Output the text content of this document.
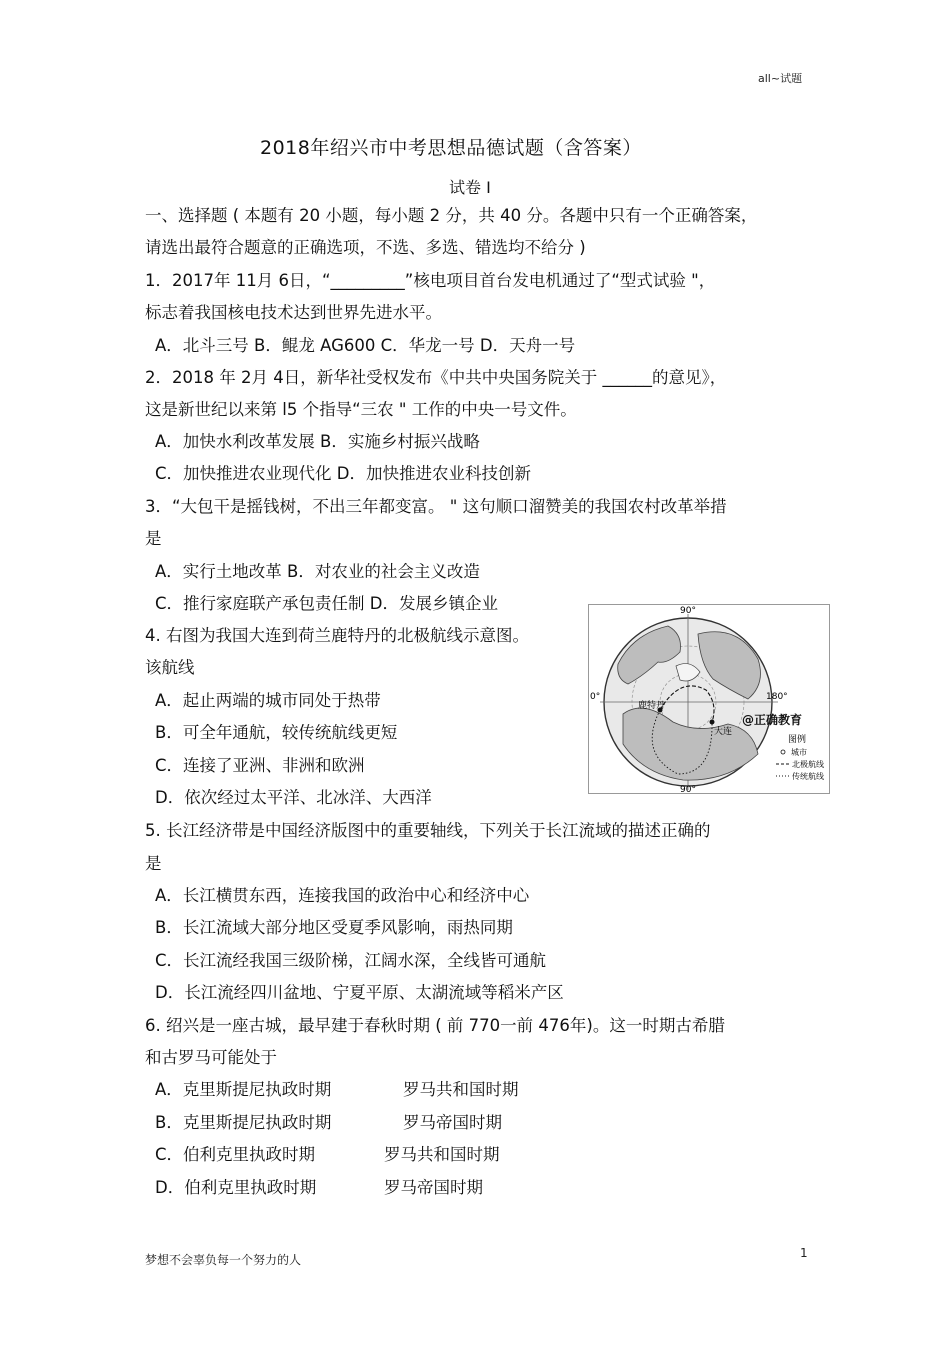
all~试题
2018年绍兴市中考思想品德试题（含答案）
试卷 I
一、选择题 ( 本题有 20 小题，每小题 2 分，共 40 分。各题中只有一个正确答案，
请选出最符合题意的正确选项，不选、多选、错选均不给分 )
1．2017年 11月 6日，“_________”核电项目首台发电机通过了“型式试验 "，
标志着我国核电技术达到世界先进水平。
A．北斗三号 B．鲲龙 AG600 C．华龙一号 D．天舟一号
2．2018 年 2月 4日，新华社受权发布《中共中央国务院关于 ______的意见》，
这是新世纪以来第 l5 个指导“三农 " 工作的中央一号文件。
A．加快水利改革发展 B．实施乡村振兴战略
C．加快推进农业现代化 D．加快推进农业科技创新
3．“大包干是摇钱树，不出三年都变富。 " 这句顺口溜赞美的我国农村改革举措
是
A．实行土地改革 B．对农业的社会主义改造
C．推行家庭联产承包责任制 D．发展乡镇企业
4. 右图为我国大连到荷兰鹿特丹的北极航线示意图。
该航线
A．起止两端的城市同处于热带
B．可全年通航，较传统航线更短
C．连接了亚洲、非洲和欧洲
D．依次经过太平洋、北冰洋、大西洋
90°
90°
0°	180°
鹿特丹
大连
@正确教育
图例
城市
北极航线
传统航线
5. 长江经济带是中国经济版图中的重要轴线，下列关于长江流域的描述正确的
是
A．长江横贯东西，连接我国的政治中心和经济中心
B．长江流域大部分地区受夏季风影响，雨热同期
C．长江流经我国三级阶梯，江阔水深，全线皆可通航
D．长江流经四川盆地、宁夏平原、太湖流域等稻米产区
6. 绍兴是一座古城，最早建于春秋时期 ( 前 770一前 476年)。这一时期古希腊
和古罗马可能处于
A．克里斯提尼执政时期	罗马共和国时期
B．克里斯提尼执政时期	罗马帝国时期
C．伯利克里执政时期	罗马共和国时期
D．伯利克里执政时期	罗马帝国时期
梦想不会辜负每一个努力的人	1
